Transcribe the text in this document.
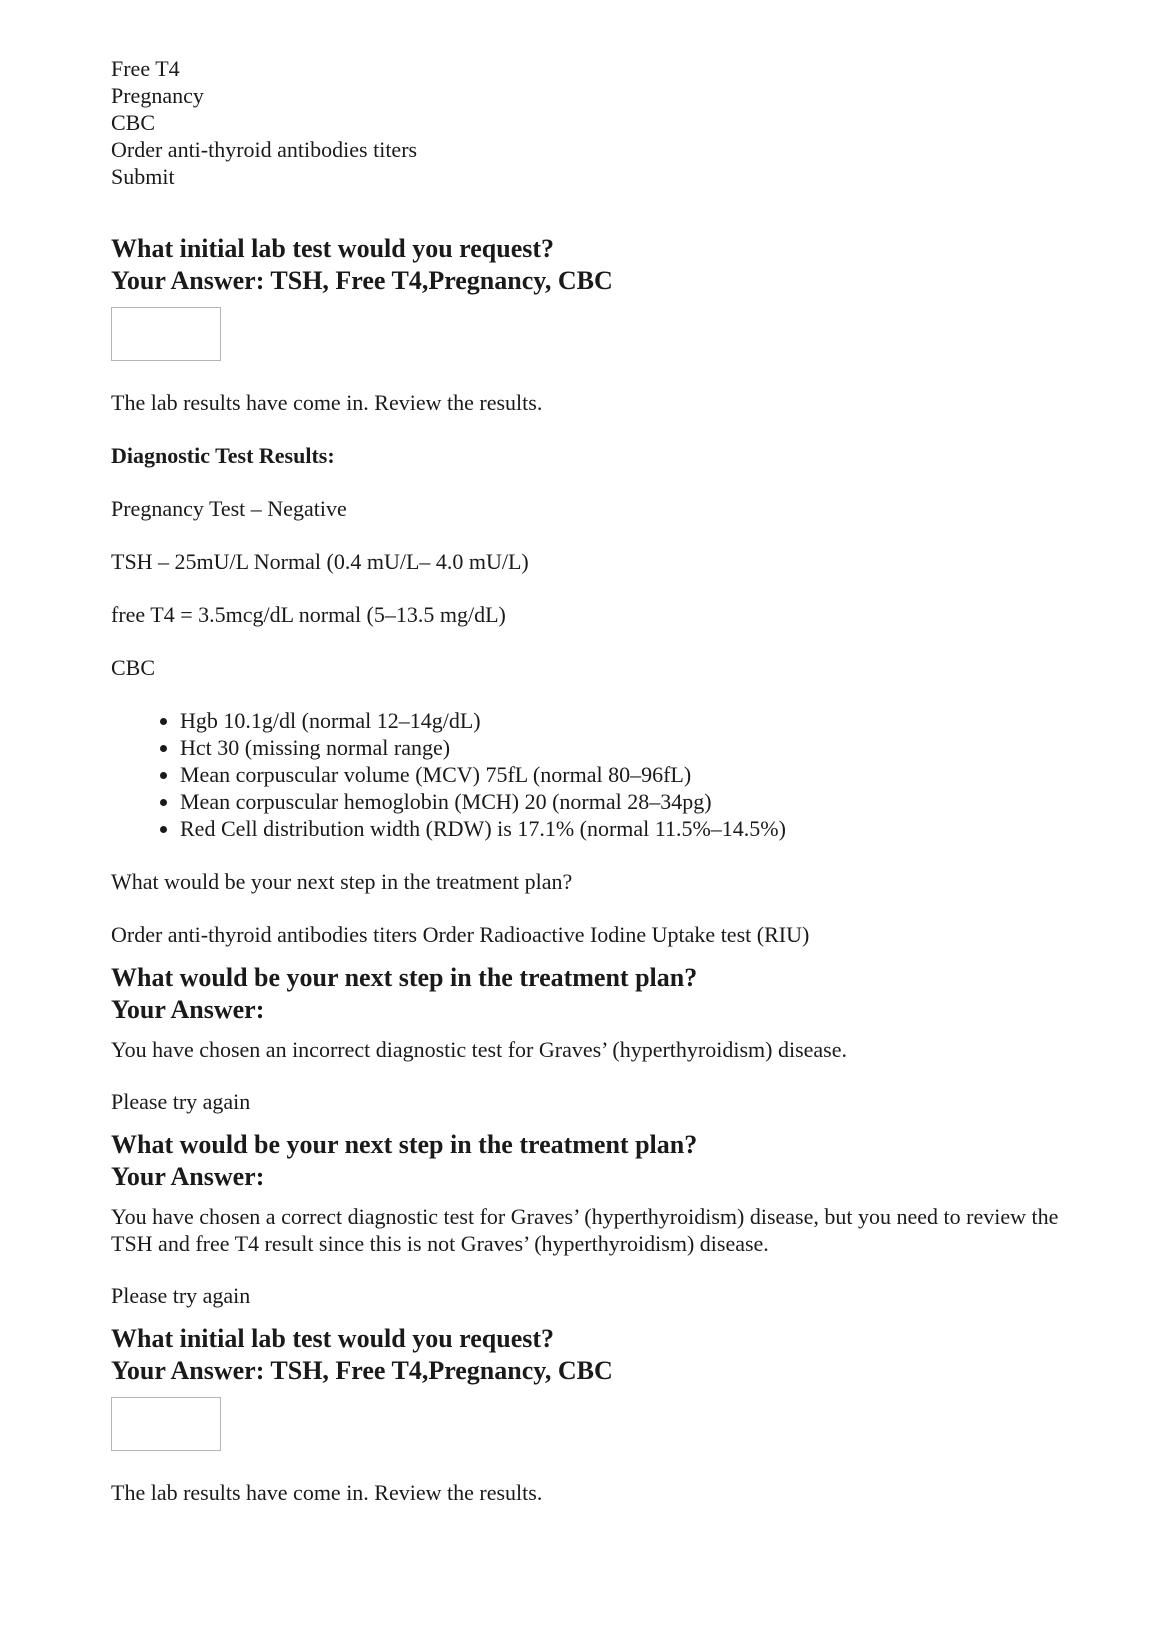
Free T4
Pregnancy
CBC
Order anti-thyroid antibodies titers
Submit
What initial lab test would you request?
Your Answer: TSH, Free T4,Pregnancy, CBC

The lab results have come in. Review the results.

Diagnostic Test Results:

Pregnancy Test – Negative

TSH – 25mU/L Normal (0.4 mU/L– 4.0 mU/L)

free T4 = 3.5mcg/dL normal (5–13.5 mg/dL)

CBC

• Hgb 10.1g/dl (normal 12–14g/dL)
• Hct 30 (missing normal range)
• Mean corpuscular volume (MCV) 75fL (normal 80–96fL)
• Mean corpuscular hemoglobin (MCH) 20 (normal 28–34pg)
• Red Cell distribution width (RDW) is 17.1% (normal 11.5%–14.5%)

What would be your next step in the treatment plan?

Order anti-thyroid antibodies titers Order Radioactive Iodine Uptake test (RIU)

What would be your next step in the treatment plan?
Your Answer:

You have chosen an incorrect diagnostic test for Graves’ (hyperthyroidism) disease.

Please try again

What would be your next step in the treatment plan?
Your Answer:

You have chosen a correct diagnostic test for Graves’ (hyperthyroidism) disease, but you need to review the TSH and free T4 result since this is not Graves’ (hyperthyroidism) disease.

Please try again

What initial lab test would you request?
Your Answer: TSH, Free T4,Pregnancy, CBC

The lab results have come in. Review the results.
